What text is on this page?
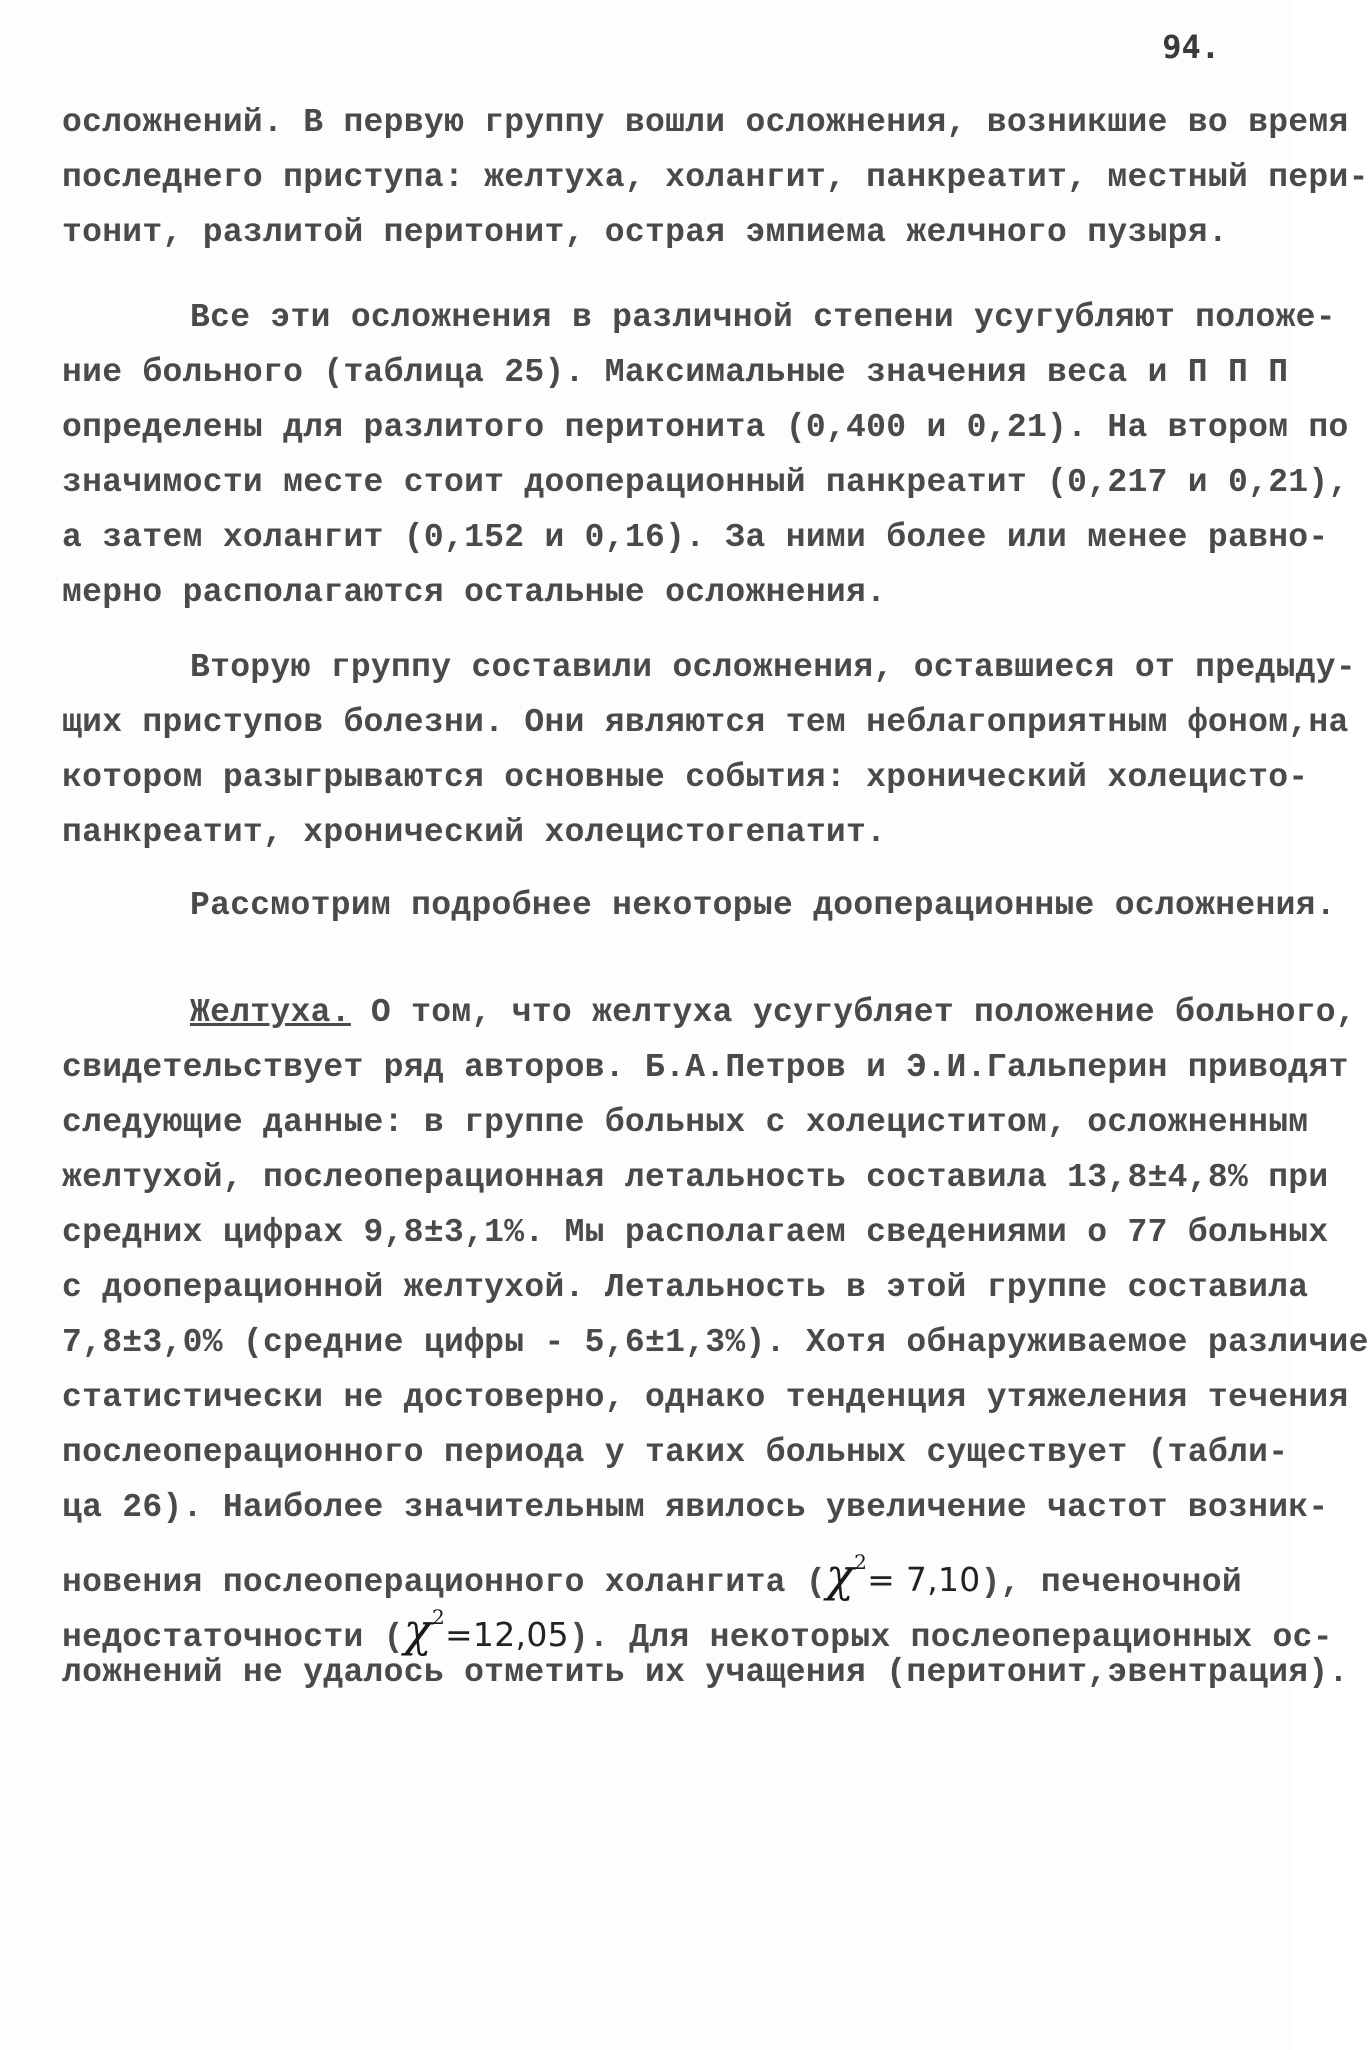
94.
осложнений. В первую группу вошли осложнения, возникшие во время
последнего приступа: желтуха, холангит, панкреатит, местный пери-
тонит, разлитой перитонит, острая эмпиема желчного пузыря.
Все эти осложнения в различной степени усугубляют положе-
ние больного (таблица 25). Максимальные значения веса и П П П
определены для разлитого перитонита (0,400 и 0,21). На втором по
значимости месте стоит дооперационный панкреатит (0,217 и 0,21),
а затем холангит (0,152 и 0,16). За ними более или менее равно-
мерно располагаются остальные осложнения.
Вторую группу составили осложнения, оставшиеся от предыду-
щих приступов болезни. Они являются тем неблагоприятным фоном,на
котором разыгрываются основные события: хронический холецисто-
панкреатит, хронический холецистогепатит.
Рассмотрим подробнее некоторые дооперационные осложнения.
Желтуха. О том, что желтуха усугубляет положение больного,
свидетельствует ряд авторов. Б.А.Петров и Э.И.Гальперин приводят
следующие данные: в группе больных с холециститом, осложненным
желтухой, послеоперационная летальность составила 13,8±4,8% при
средних цифрах 9,8±3,1%. Мы располагаем сведениями о 77 больных
с дооперационной желтухой. Летальность в этой группе составила
7,8±3,0% (средние цифры - 5,6±1,3%). Хотя обнаруживаемое различие
статистически не достоверно, однако тенденция утяжеления течения
послеоперационного периода у таких больных существует (табли-
ца 26). Наиболее значительным явилось увеличение частот возник-
новения послеоперационного холангита $(\chi^2= 7,10)$, печеночной
недостаточности $(\chi^2=12,05)$. Для некоторых послеоперационных ос-
ложнений не удалось отметить их учащения (перитонит,эвентрация).
